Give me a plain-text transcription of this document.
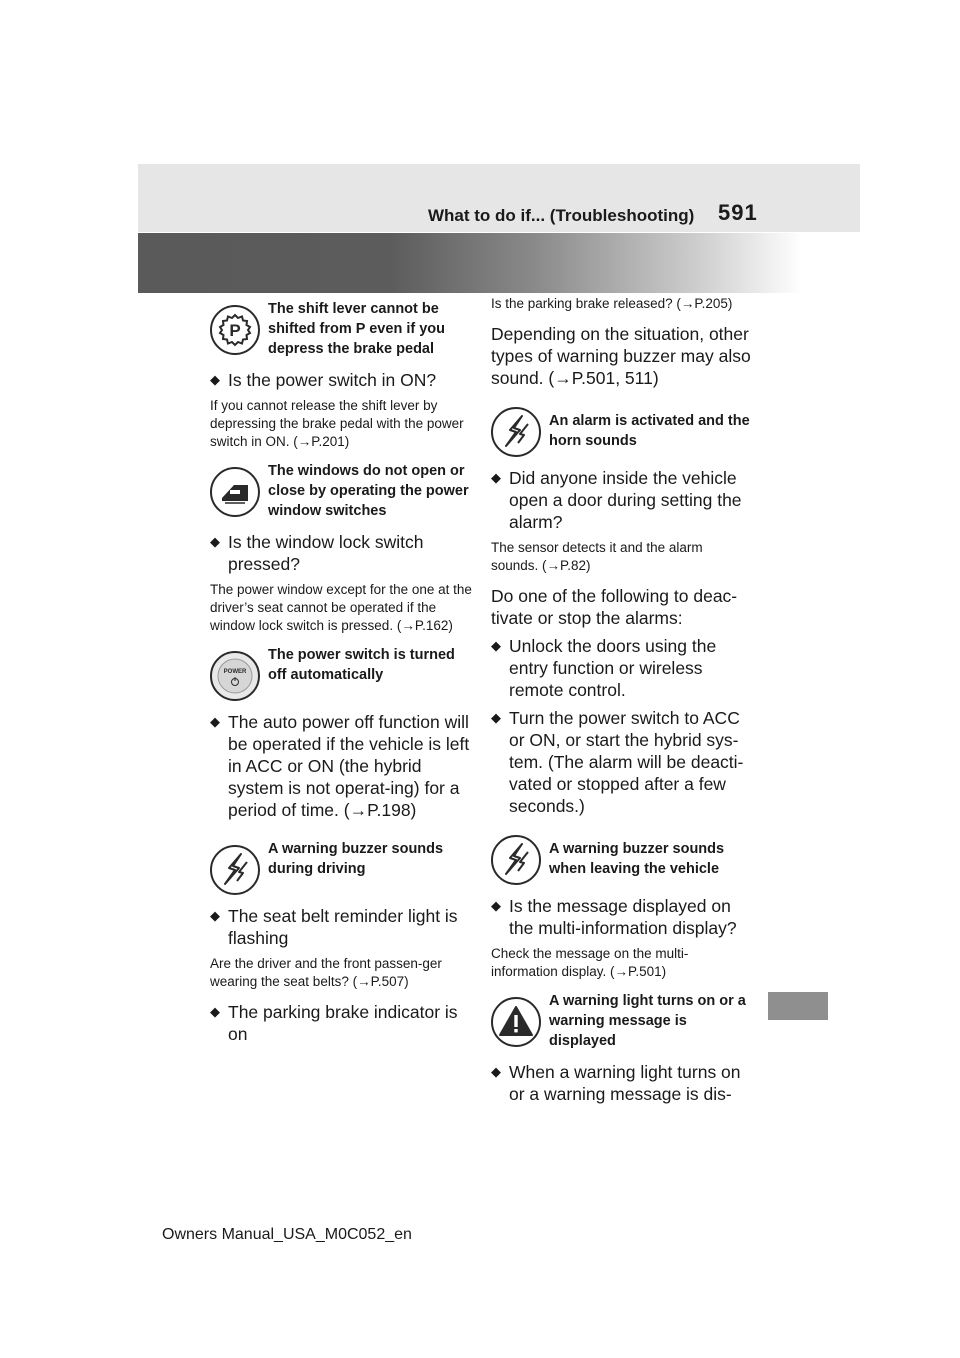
What to do if... (Troubleshooting) 591
P
The shift lever cannot be shifted from P even if you depress the brake pedal
◆ Is the power switch in ON?
If you cannot release the shift lever by depressing the brake pedal with the power switch in ON. (→P.201)
The windows do not open or close by operating the power window switches
◆ Is the window lock switch pressed?
The power window except for the one at the driver’s seat cannot be operated if the window lock switch is pressed. (→P.162)
POWER
The power switch is turned off automatically
◆ The auto power off function will be operated if the vehicle is left in ACC or ON (the hybrid system is not operat-ing) for a period of time. (→P.198)
A warning buzzer sounds during driving
◆ The seat belt reminder light is flashing
Are the driver and the front passen-ger wearing the seat belts? (→P.507)
◆ The parking brake indicator is on
Is the parking brake released? (→P.205)
Depending on the situation, other types of warning buzzer may also sound. (→P.501, 511)
An alarm is activated and the horn sounds
◆ Did anyone inside the vehicle open a door during setting the alarm?
The sensor detects it and the alarm sounds. (→P.82)
Do one of the following to deac-tivate or stop the alarms:
◆ Unlock the doors using the entry function or wireless remote control.
◆ Turn the power switch to ACC or ON, or start the hybrid sys-tem. (The alarm will be deacti-vated or stopped after a few seconds.)
A warning buzzer sounds when leaving the vehicle
◆ Is the message displayed on the multi-information display?
Check the message on the multi-information display. (→P.501)
A warning light turns on or a warning message is displayed
◆ When a warning light turns on or a warning message is dis-
Owners Manual_USA_M0C052_en
